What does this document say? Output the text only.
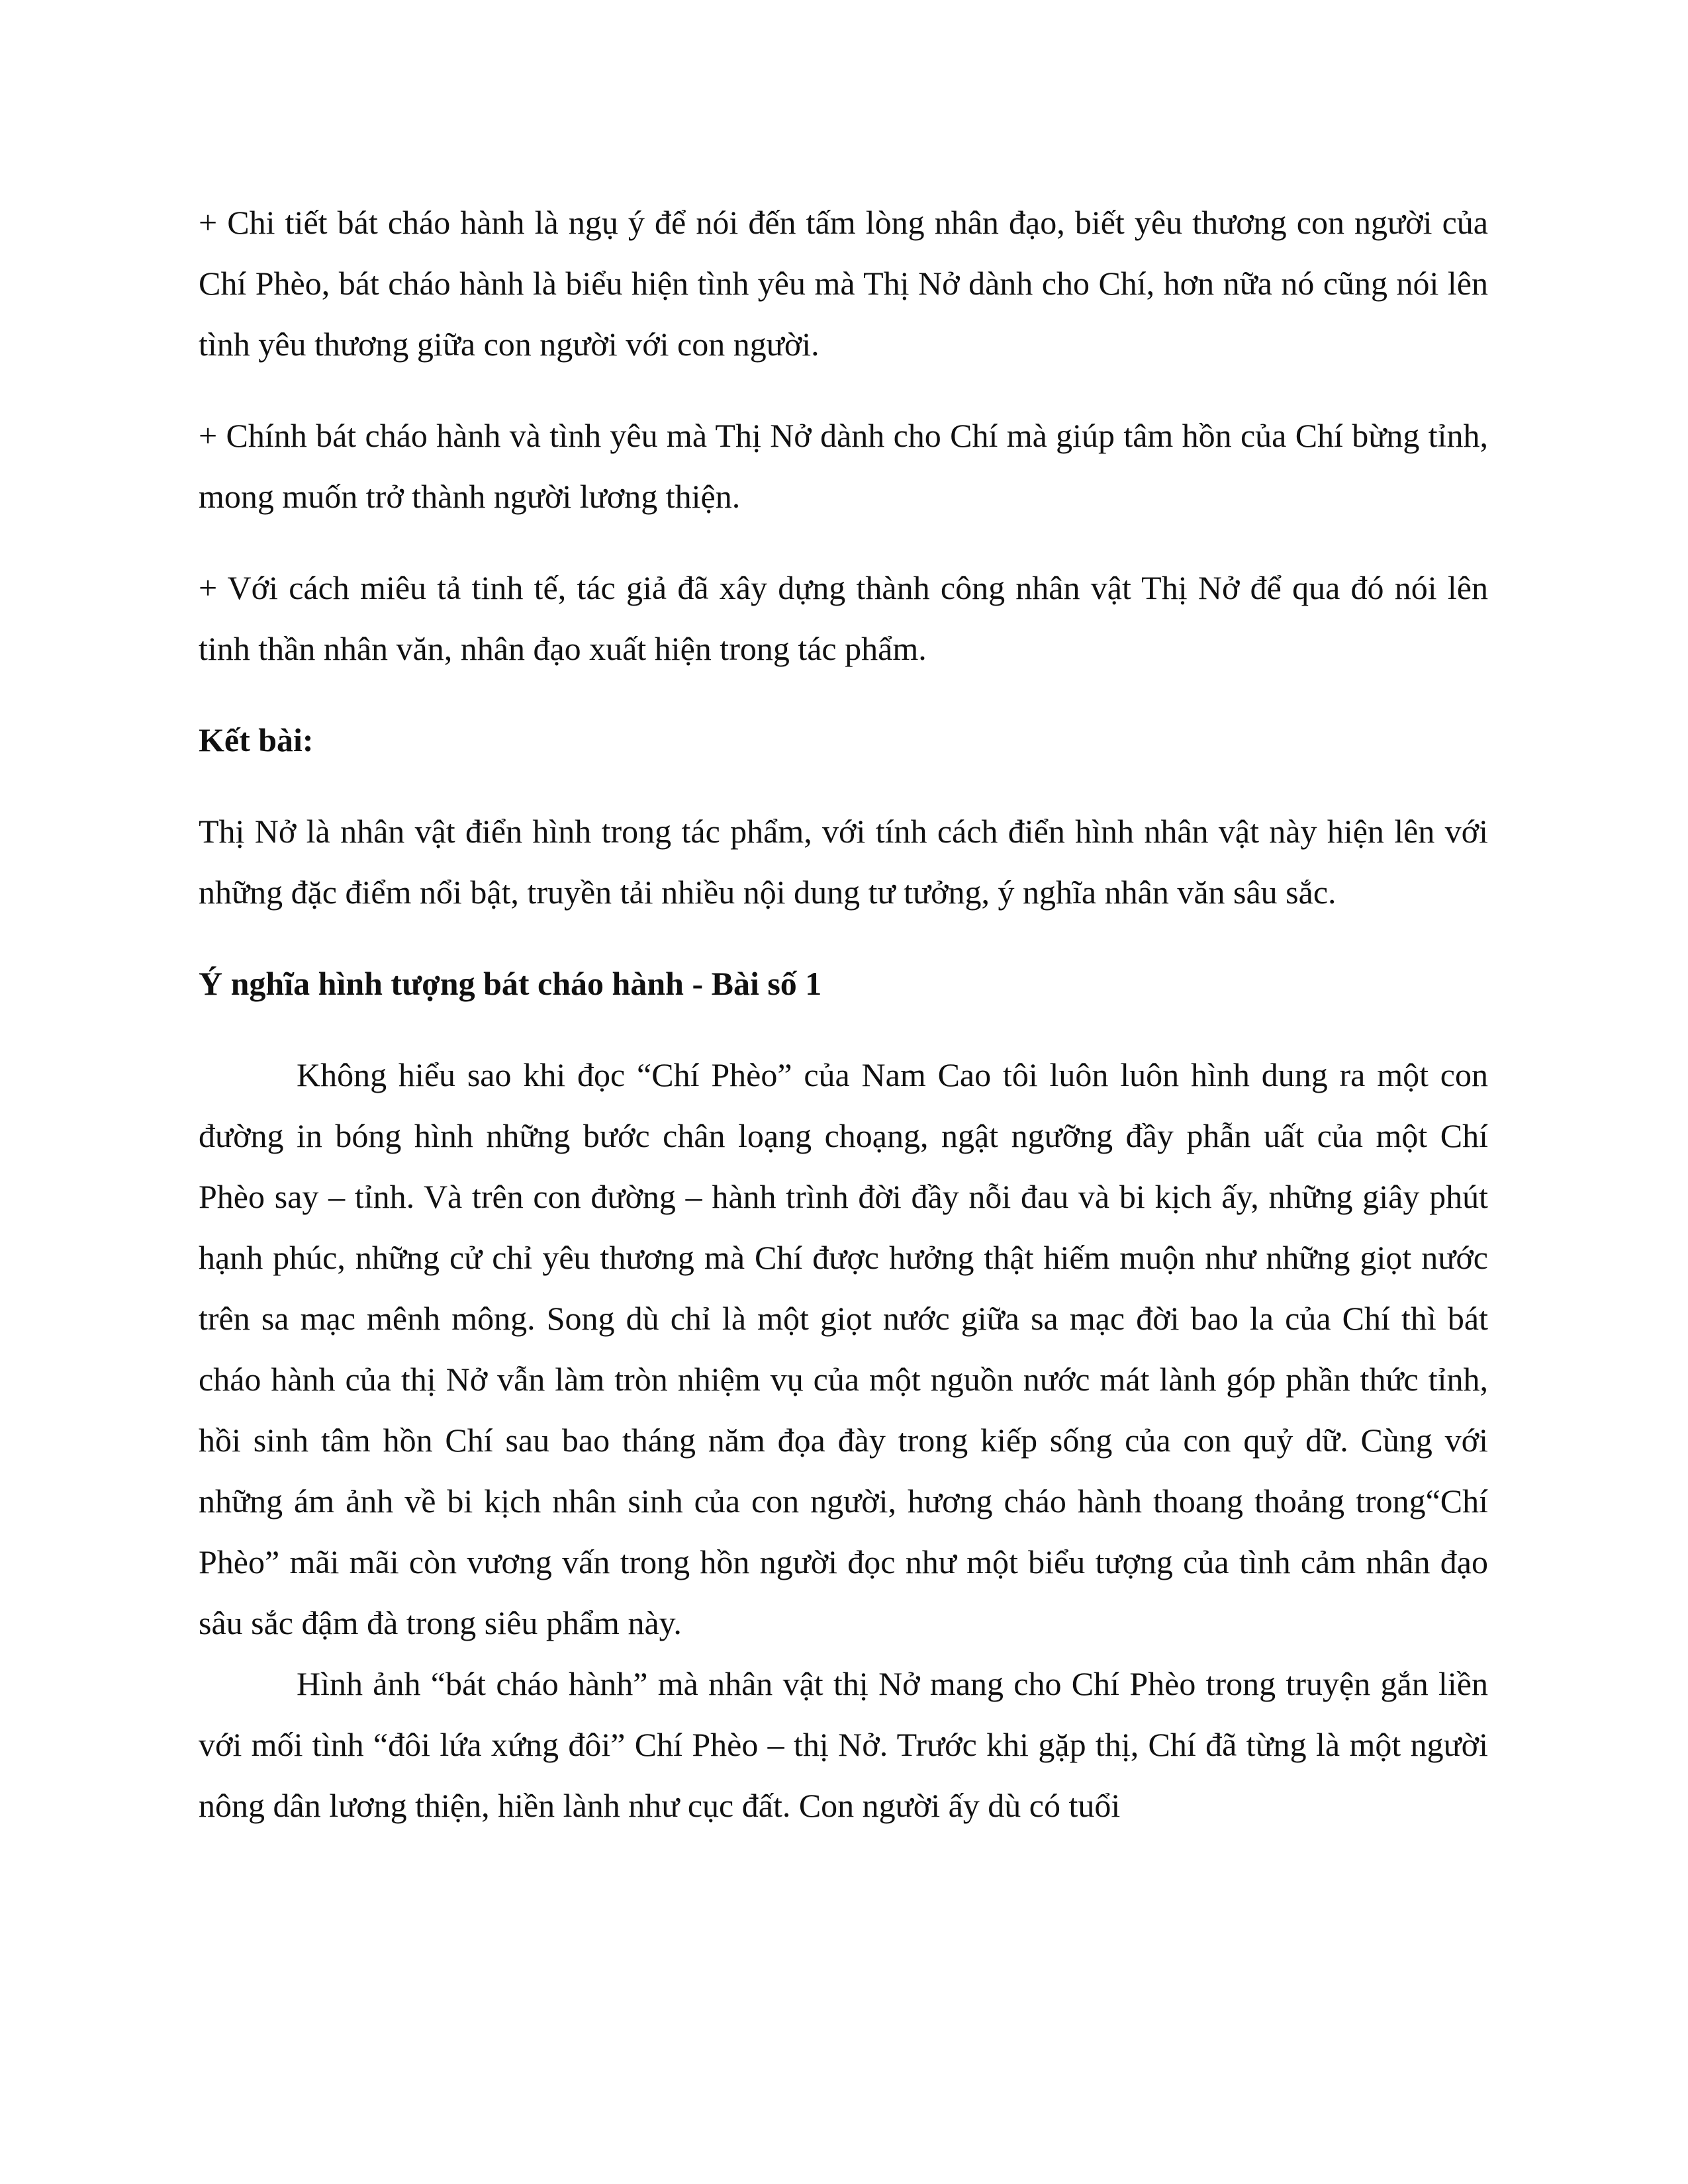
+ Chi tiết bát cháo hành là ngụ ý để nói đến tấm lòng nhân đạo, biết yêu thương con người của Chí Phèo, bát cháo hành là biểu hiện tình yêu mà Thị Nở dành cho Chí, hơn nữa nó cũng nói lên tình yêu thương giữa con người với con người.

+ Chính bát cháo hành và tình yêu mà Thị Nở dành cho Chí mà giúp tâm hồn của Chí bừng tỉnh, mong muốn trở thành người lương thiện.

+ Với cách miêu tả tinh tế, tác giả đã xây dựng thành công nhân vật Thị Nở để qua đó nói lên tinh thần nhân văn, nhân đạo xuất hiện trong tác phẩm.

Kết bài:

Thị Nở là nhân vật điển hình trong tác phẩm, với tính cách điển hình nhân vật này hiện lên với những đặc điểm nổi bật, truyền tải nhiều nội dung tư tưởng, ý nghĩa nhân văn sâu sắc.

Ý nghĩa hình tượng bát cháo hành - Bài số 1

Không hiểu sao khi đọc “Chí Phèo” của Nam Cao tôi luôn luôn hình dung ra một con đường in bóng hình những bước chân loạng choạng, ngật ngưỡng đầy phẫn uất của một Chí Phèo say – tỉnh. Và trên con đường – hành trình đời đầy nỗi đau và bi kịch ấy, những giây phút hạnh phúc, những cử chỉ yêu thương mà Chí được hưởng thật hiếm muộn như những giọt nước trên sa mạc mênh mông. Song dù chỉ là một giọt nước giữa sa mạc đời bao la của Chí thì bát cháo hành của thị Nở vẫn làm tròn nhiệm vụ của một nguồn nước mát lành góp phần thức tỉnh, hồi sinh tâm hồn Chí sau bao tháng năm đọa đày trong kiếp sống của con quỷ dữ. Cùng với những ám ảnh về bi kịch nhân sinh của con người, hương cháo hành thoang thoảng trong“Chí Phèo” mãi mãi còn vương vấn trong hồn người đọc như một biểu tượng của tình cảm nhân đạo sâu sắc đậm đà trong siêu phẩm này.

Hình ảnh “bát cháo hành” mà nhân vật thị Nở mang cho Chí Phèo trong truyện gắn liền với mối tình “đôi lứa xứng đôi” Chí Phèo – thị Nở. Trước khi gặp thị, Chí đã từng là một người nông dân lương thiện, hiền lành như cục đất. Con người ấy dù có tuổi
